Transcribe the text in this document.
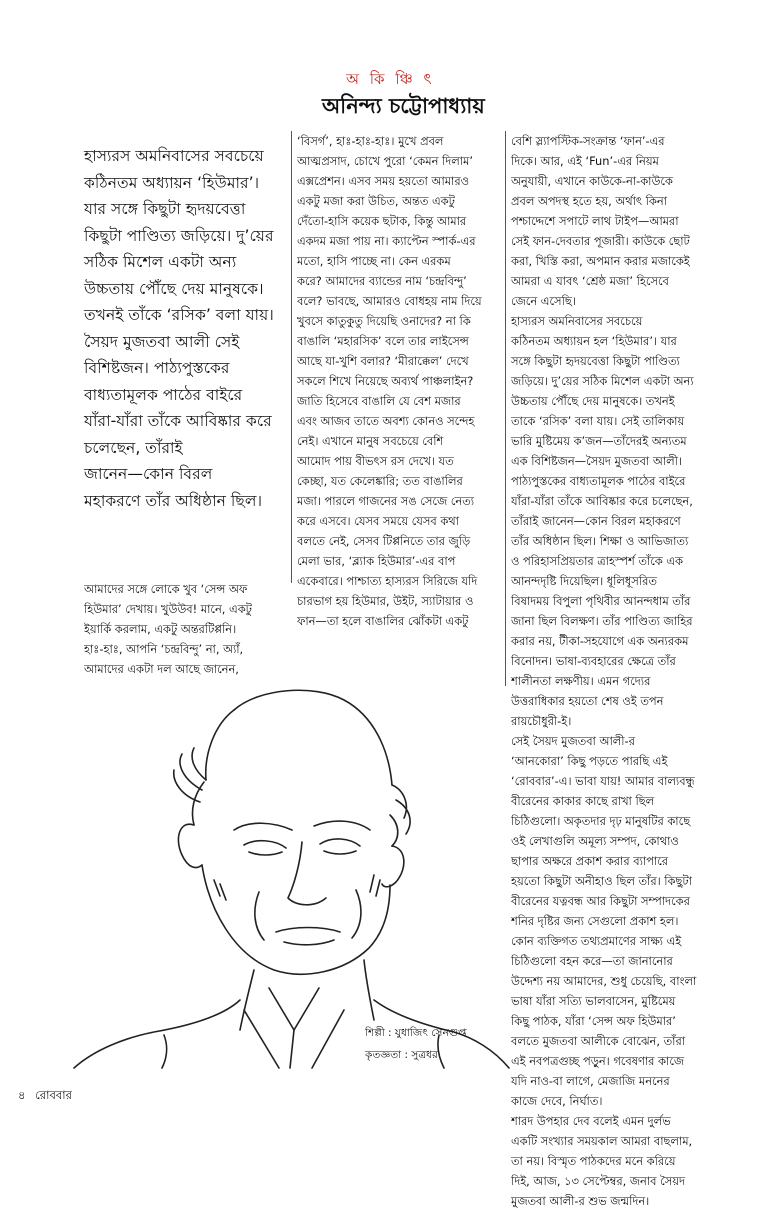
অ কি ঞ্চি ৎ
অনিন্দ্য চট্টোপাধ্যায়
হাস্যরস অমনিবাসের সবচেয়ে
কঠিনতম অধ্যায়ন ‘হিউমার’।
যার সঙ্গে কিছুটা হৃদয়বেত্তা
কিছুটা পাণ্ডিত্য জড়িয়ে। দু’য়ের
সঠিক মিশেল একটা অন্য
উচ্চতায় পৌঁছে দেয় মানুষকে।
তখনই তাঁকে ‘রসিক’ বলা যায়।
সৈয়দ মুজতবা আলী সেই
বিশিষ্টজন। পাঠ্যপুস্তকের
বাধ্যতামূলক পাঠের বাইরে
যাঁরা-যাঁরা তাঁকে আবিষ্কার করে
চলেছেন, তাঁরাই
জানেন—কোন বিরল
মহাকরণে তাঁর অধিষ্ঠান ছিল।
আমাদের সঙ্গে লোকে খুব ‘সেন্স অফ
হিউমার’ দেখায়। খুউউব! মানে, একটু
ইয়ার্কি করলাম, একটু অন্তরটিপ্পনি।
হাঃ-হাঃ, আপনি ‘চন্দ্রবিন্দু’ না, অ্যাঁ,
আমাদের একটা দল আছে জানেন,
‘বিসর্গ’, হাঃ-হাঃ-হাঃ। মুখে প্রবল
আত্মপ্রসাদ, চোখে পুরো ‘কেমন দিলাম’
এক্সপ্রেশন। এসব সময় হয়তো আমারও
একটু মজা করা উচিত, অন্তত একটু
দেঁতো-হাসি কয়েক ছটাক, কিন্তু আমার
একদম মজা পায় না। ক্যাপ্টেন স্পার্ক-এর
মতো, হাসি পাচ্ছে না। কেন এরকম
করে? আমাদের ব্যান্ডের নাম ‘চন্দ্রবিন্দু’
বলে? ভাবছে, আমারও বোধহয় নাম দিয়ে
খুবসে কাতুকুতু দিয়েছি ওনাদের? না কি
বাঙালি ‘মহারসিক’ বলে তার লাইসেন্স
আছে যা-খুশি বলার? ‘মীরাক্কেল’ দেখে
সকলে শিখে নিয়েছে অব্যর্থ পাঞ্চলাইন?
জাতি হিসেবে বাঙালি যে বেশ মজার
এবং আজব তাতে অবশ্য কোনও সন্দেহ
নেই। এখানে মানুষ সবচেয়ে বেশি
আমোদ পায় বীভৎস রস দেখে। যত
কেচ্ছা, যত কেলেঙ্কারি; তত বাঙালির
মজা। পারলে গাজনের সঙ সেজে নেত্য
করে এসবে। যেসব সময়ে যেসব কথা
বলতে নেই, সেসব টিপ্পনিতে তার জুড়ি
মেলা ভার, ‘ব্ল্যাক হিউমার’-এর বাপ
একেবারে। পাশ্চাত্য হাস্যরস সিরিজে যদি
চারভাগ হয় হিউমার, উইট, স্যাটায়ার ও
ফান—তা হলে বাঙালির ঝোঁকটা একটু
বেশি স্ল্যাপস্টিক-সংক্রান্ত ‘ফান’-এর
দিকে। আর, এই ‘Fun’-এর নিয়ম
অনুযায়ী, এখানে কাউকে-না-কাউকে
প্রবল অপদস্থ হতে হয়, অর্থাৎ কিনা
পশ্চাদ্দেশে সপাটে লাথ টাইপ—আমরা
সেই ফান-দেবতার পূজারী। কাউকে ছোট
করা, খিস্তি করা, অপমান করার মজাকেই
আমরা এ যাবৎ ‘শ্রেষ্ঠ মজা’ হিসেবে
জেনে এসেছি।
হাস্যরস অমনিবাসের সবচেয়ে
কঠিনতম অধ্যায়ন হল ‘হিউমার’। যার
সঙ্গে কিছুটা হৃদয়বেত্তা কিছুটা পাণ্ডিত্য
জড়িয়ে। দু’য়ের সঠিক মিশেল একটা অন্য
উচ্চতায় পৌঁছে দেয় মানুষকে। তখনই
তাকে ‘রসিক’ বলা যায়। সেই তালিকায়
ভারি মুষ্টিমেয় ক’জন—তাঁদেরই অন্যতম
এক বিশিষ্টজন—সৈয়দ মুজতবা আলী।
পাঠ্যপুস্তকের বাধ্যতামূলক পাঠের বাইরে
যাঁরা-যাঁরা তাঁকে আবিষ্কার করে চলেছেন,
তাঁরাই জানেন—কোন বিরল মহাকরণে
তাঁর অধিষ্ঠান ছিল। শিক্ষা ও আভিজাত্য
ও পরিহাসপ্রিয়তার ত্রাহস্পর্শ তাঁকে এক
আনন্দদৃষ্টি দিয়েছিল। ধূলিধূসরিত
বিষাদময় বিপুলা পৃথিবীর আনন্দধাম তাঁর
জানা ছিল বিলক্ষণ। তাঁর পাণ্ডিত্য জাহির
করার নয়, টীকা-সহযোগে এক অন্যরকম
বিনোদন। ভাষা-ব্যবহারের ক্ষেত্রে তাঁর
শালীনতা লক্ষণীয়। এমন গদ্যের
উত্তরাধিকার হয়তো শেষ ওই তপন
রায়চৌধুরী-ই।
সেই সৈয়দ মুজতবা আলী-র
‘আনকোরা’ কিছু পড়তে পারছি এই
‘রোববার’-এ। ভাবা যায়! আমার বাল্যবন্ধু
বীরেনের কাকার কাছে রাখা ছিল
চিঠিগুলো। অকৃতদার দৃঢ় মানুষটির কাছে
ওই লেখাগুলি অমূল্য সম্পদ, কোথাও
ছাপার অক্ষরে প্রকাশ করার ব্যাপারে
হয়তো কিছুটা অনীহাও ছিল তাঁর। কিছুটা
বীরেনের যত্নবন্ধ আর কিছুটা সম্পাদকের
শনির দৃষ্টির জন্য সেগুলো প্রকাশ হল।
কোন ব্যক্তিগত তথ্যপ্রমাণের সাক্ষ্য এই
চিঠিগুলো বহন করে—তা জানানোর
উদ্দেশ্য নয় আমাদের, শুধু চেয়েছি, বাংলা
ভাষা যাঁরা সত্যি ভালবাসেন, মুষ্টিমেয়
কিছু পাঠক, যাঁরা ‘সেন্স অফ হিউমার’
বলতে মুজতবা আলীকে বোঝেন, তাঁরা
এই নবপত্রগুচ্ছ পড়ুন। গবেষণার কাজে
যদি নাও-বা লাগে, মেজাজি মননের
কাজে দেবে, নির্ঘাত।
শারদ উপহার দেব বলেই এমন দুর্লভ
একটি সংখ্যার সময়কাল আমরা বাছলাম,
তা নয়। বিস্মৃত পাঠকদের মনে করিয়ে
দিই, আজ, ১৩ সেপ্টেম্বর, জনাব সৈয়দ
মুজতবা আলী-র শুভ জন্মদিন।
শিল্পী : যুধাজিৎ সেনগুপ্ত
কৃতজ্ঞতা : সুত্রধর
৪ রোববার
